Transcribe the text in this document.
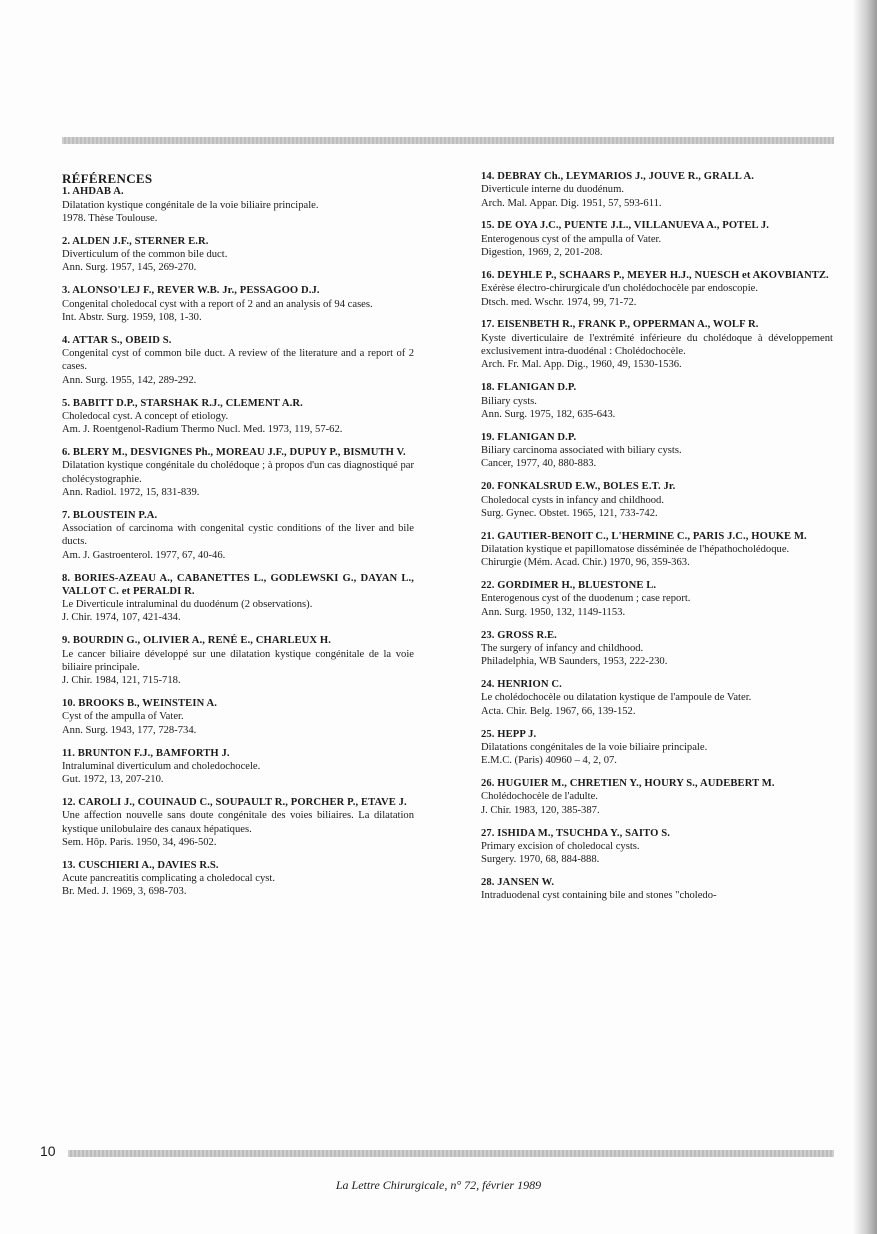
RÉFÉRENCES
1. AHDAB A.
Dilatation kystique congénitale de la voie biliaire principale.
1978. Thèse Toulouse.
2. ALDEN J.F., STERNER E.R.
Diverticulum of the common bile duct.
Ann. Surg. 1957, 145, 269-270.
3. ALONSO'LEJ F., REVER W.B. Jr., PESSAGOO D.J.
Congenital choledocal cyst with a report of 2 and an analysis of 94 cases.
Int. Abstr. Surg. 1959, 108, 1-30.
4. ATTAR S., OBEID S.
Congenital cyst of common bile duct. A review of the literature and a report of 2 cases.
Ann. Surg. 1955, 142, 289-292.
5. BABITT D.P., STARSHAK R.J., CLEMENT A.R.
Choledocal cyst. A concept of etiology.
Am. J. Roentgenol-Radium Thermo Nucl. Med. 1973, 119, 57-62.
6. BLERY M., DESVIGNES Ph., MOREAU J.F., DUPUY P., BISMUTH V.
Dilatation kystique congénitale du cholédoque ; à propos d'un cas diagnostiqué par cholécystographie.
Ann. Radiol. 1972, 15, 831-839.
7. BLOUSTEIN P.A.
Association of carcinoma with congenital cystic conditions of the liver and bile ducts.
Am. J. Gastroenterol. 1977, 67, 40-46.
8. BORIES-AZEAU A., CABANETTES L., GODLEWSKI G., DAYAN L., VALLOT C. et PERALDI R.
Le Diverticule intraluminal du duodénum (2 observations).
J. Chir. 1974, 107, 421-434.
9. BOURDIN G., OLIVIER A., RENÉ E., CHARLEUX H.
Le cancer biliaire développé sur une dilatation kystique congénitale de la voie biliaire principale.
J. Chir. 1984, 121, 715-718.
10. BROOKS B., WEINSTEIN A.
Cyst of the ampulla of Vater.
Ann. Surg. 1943, 177, 728-734.
11. BRUNTON F.J., BAMFORTH J.
Intraluminal diverticulum and choledochocele.
Gut. 1972, 13, 207-210.
12. CAROLI J., COUINAUD C., SOUPAULT R., PORCHER P., ETAVE J.
Une affection nouvelle sans doute congénitale des voies biliaires. La dilatation kystique unilobulaire des canaux hépatiques.
Sem. Hôp. Paris. 1950, 34, 496-502.
13. CUSCHIERI A., DAVIES R.S.
Acute pancreatitis complicating a choledocal cyst.
Br. Med. J. 1969, 3, 698-703.
14. DEBRAY Ch., LEYMARIOS J., JOUVE R., GRALL A.
Diverticule interne du duodénum.
Arch. Mal. Appar. Dig. 1951, 57, 593-611.
15. DE OYA J.C., PUENTE J.L., VILLANUEVA A., POTEL J.
Enterogenous cyst of the ampulla of Vater.
Digestion, 1969, 2, 201-208.
16. DEYHLE P., SCHAARS P., MEYER H.J., NUESCH et AKOVBIANTZ.
Exérèse électro-chirurgicale d'un cholédochocèle par endoscopie.
Dtsch. med. Wschr. 1974, 99, 71-72.
17. EISENBETH R., FRANK P., OPPERMAN A., WOLF R.
Kyste diverticulaire de l'extrémité inférieure du cholédoque à développement exclusivement intra-duodénal : Cholédochocèle.
Arch. Fr. Mal. App. Dig., 1960, 49, 1530-1536.
18. FLANIGAN D.P.
Biliary cysts.
Ann. Surg. 1975, 182, 635-643.
19. FLANIGAN D.P.
Biliary carcinoma associated with biliary cysts.
Cancer, 1977, 40, 880-883.
20. FONKALSRUD E.W., BOLES E.T. Jr.
Choledocal cysts in infancy and childhood.
Surg. Gynec. Obstet. 1965, 121, 733-742.
21. GAUTIER-BENOIT C., L'HERMINE C., PARIS J.C., HOUKE M.
Dilatation kystique et papillomatose disséminée de l'hépathocholédoque.
Chirurgie (Mém. Acad. Chir.) 1970, 96, 359-363.
22. GORDIMER H., BLUESTONE L.
Enterogenous cyst of the duodenum ; case report.
Ann. Surg. 1950, 132, 1149-1153.
23. GROSS R.E.
The surgery of infancy and childhood.
Philadelphia, WB Saunders, 1953, 222-230.
24. HENRION C.
Le cholédochocèle ou dilatation kystique de l'ampoule de Vater.
Acta. Chir. Belg. 1967, 66, 139-152.
25. HEPP J.
Dilatations congénitales de la voie biliaire principale.
E.M.C. (Paris) 40960 – 4, 2, 07.
26. HUGUIER M., CHRETIEN Y., HOURY S., AUDEBERT M.
Cholédochocèle de l'adulte.
J. Chir. 1983, 120, 385-387.
27. ISHIDA M., TSUCHDA Y., SAITO S.
Primary excision of choledocal cysts.
Surgery. 1970, 68, 884-888.
28. JANSEN W.
Intraduodenal cyst containing bile and stones "choledo-
10
La Lettre Chirurgicale, n° 72, février 1989
